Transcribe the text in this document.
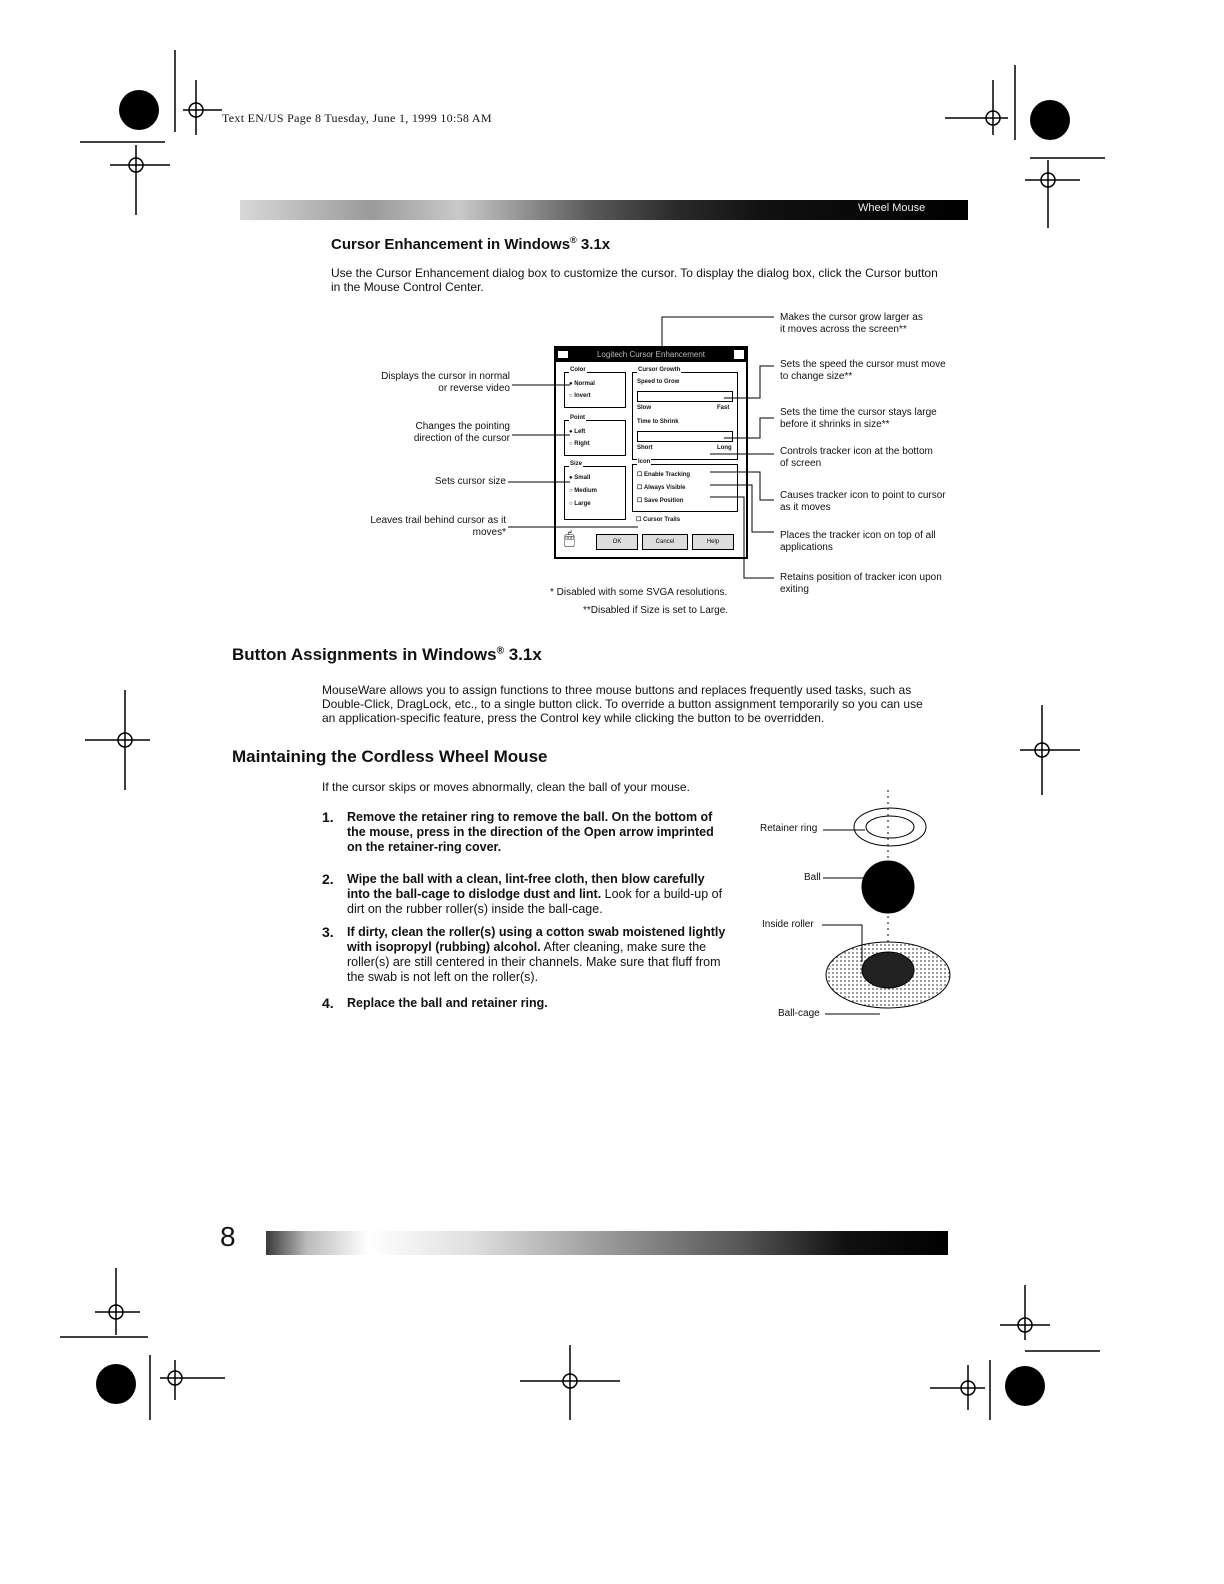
Text EN/US Page 8 Tuesday, June 1, 1999 10:58 AM
Wheel Mouse
Cursor Enhancement in Windows® 3.1x
Use the Cursor Enhancement dialog box to customize the cursor. To display the dialog box, click the Cursor button
in the Mouse Control Center.
Logitech Cursor Enhancement
Color
● Normal
○ Invert
Point
● Left
○ Right
Size
● Small
○ Medium
○ Large
Cursor Growth
Speed to Grow
Slow	Fast
Time to Shrink
Short	Long
Icon
☐ Enable Tracking
☐ Always Visible
☐ Save Position
☐ Cursor Trails
🖱	OK	Cancel	Help
Displays the cursor in normal
or reverse video
Changes the pointing
direction of the cursor
Sets cursor size
Leaves trail behind cursor as it
moves*
Makes the cursor grow larger as
it moves across the screen**
Sets the speed the cursor must move
to change size**
Sets the time the cursor stays large
before it shrinks in size**
Controls tracker icon at the bottom
of screen
Causes tracker icon to point to cursor
as it moves
Places the tracker icon on top of all
applications
Retains position of tracker icon upon
exiting
* Disabled with some SVGA resolutions.
**Disabled if Size is set to Large.
Button Assignments in Windows® 3.1x
MouseWare allows you to assign functions to three mouse buttons and replaces frequently used tasks, such as
Double-Click, DragLock, etc., to a single button click. To override a button assignment temporarily so you can use
an application-specific feature, press the Control key while clicking the button to be overridden.
Maintaining the Cordless Wheel Mouse
If the cursor skips or moves abnormally, clean the ball of your mouse.
1. Remove the retainer ring to remove the ball. On the bottom of the mouse, press in the direction of the Open arrow imprinted on the retainer-ring cover.
2. Wipe the ball with a clean, lint-free cloth, then blow carefully into the ball-cage to dislodge dust and lint. Look for a build-up of dirt on the rubber roller(s) inside the ball-cage.
3. If dirty, clean the roller(s) using a cotton swab moistened lightly with isopropyl (rubbing) alcohol. After cleaning, make sure the roller(s) are still centered in their channels. Make sure that fluff from the swab is not left on the roller(s).
4. Replace the ball and retainer ring.
Retainer ring
Ball
Inside roller
Ball-cage
8
